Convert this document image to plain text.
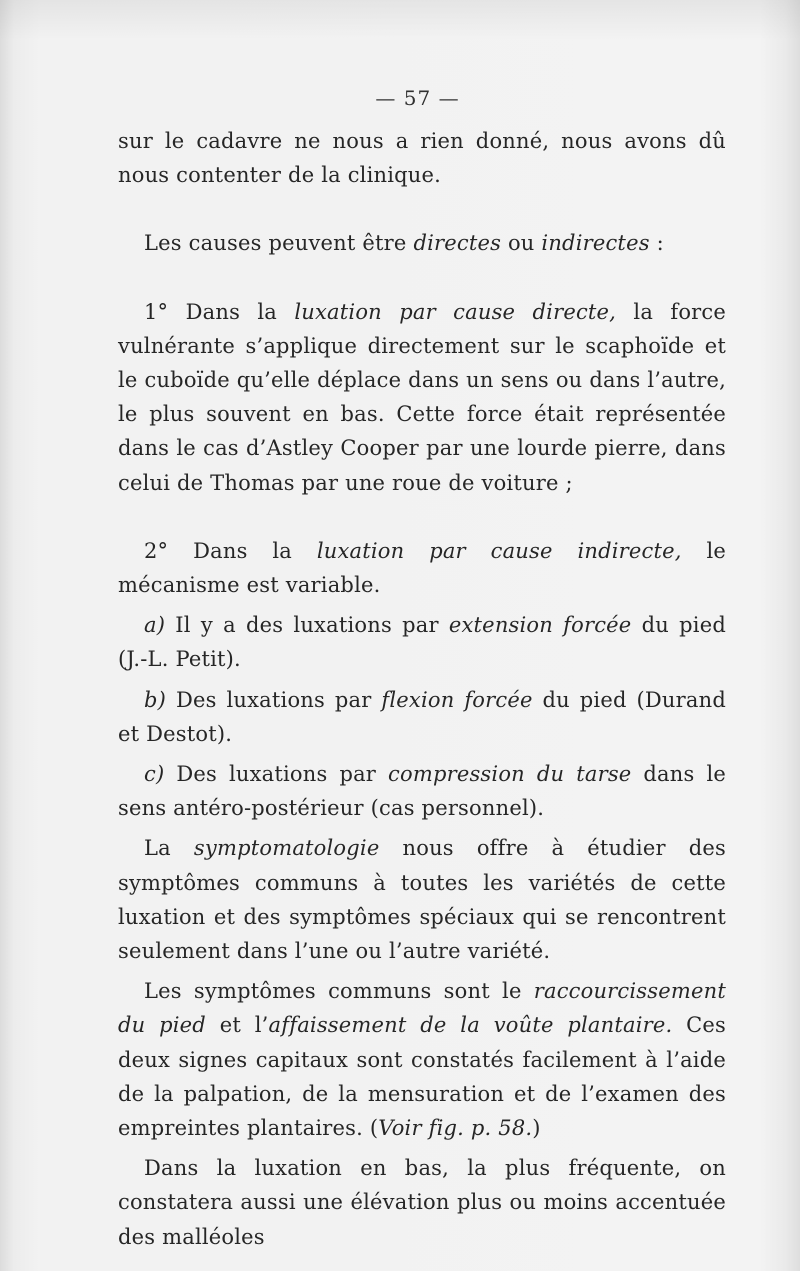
— 57 —

sur le cadavre ne nous a rien donné, nous avons dû nous contenter de la clinique.

Les causes peuvent être directes ou indirectes :

1° Dans la luxation par cause directe, la force vulnérante s’applique directement sur le scaphoïde et le cuboïde qu’elle déplace dans un sens ou dans l’autre, le plus souvent en bas. Cette force était représentée dans le cas d’Astley Cooper par une lourde pierre, dans celui de Thomas par une roue de voiture ;

2° Dans la luxation par cause indirecte, le mécanisme est variable.

a) Il y a des luxations par extension forcée du pied (J.-L. Petit).

b) Des luxations par flexion forcée du pied (Durand et Destot).

c) Des luxations par compression du tarse dans le sens antéro-postérieur (cas personnel).

La symptomatologie nous offre à étudier des symptômes communs à toutes les variétés de cette luxation et des symptômes spéciaux qui se rencontrent seulement dans l’une ou l’autre variété.

Les symptômes communs sont le raccourcissement du pied et l’affaissement de la voûte plantaire. Ces deux signes capitaux sont constatés facilement à l’aide de la palpation, de la mensuration et de l’examen des empreintes plantaires. (Voir fig. p. 58.)

Dans la luxation en bas, la plus fréquente, on constatera aussi une élévation plus ou moins accentuée des malléoles
